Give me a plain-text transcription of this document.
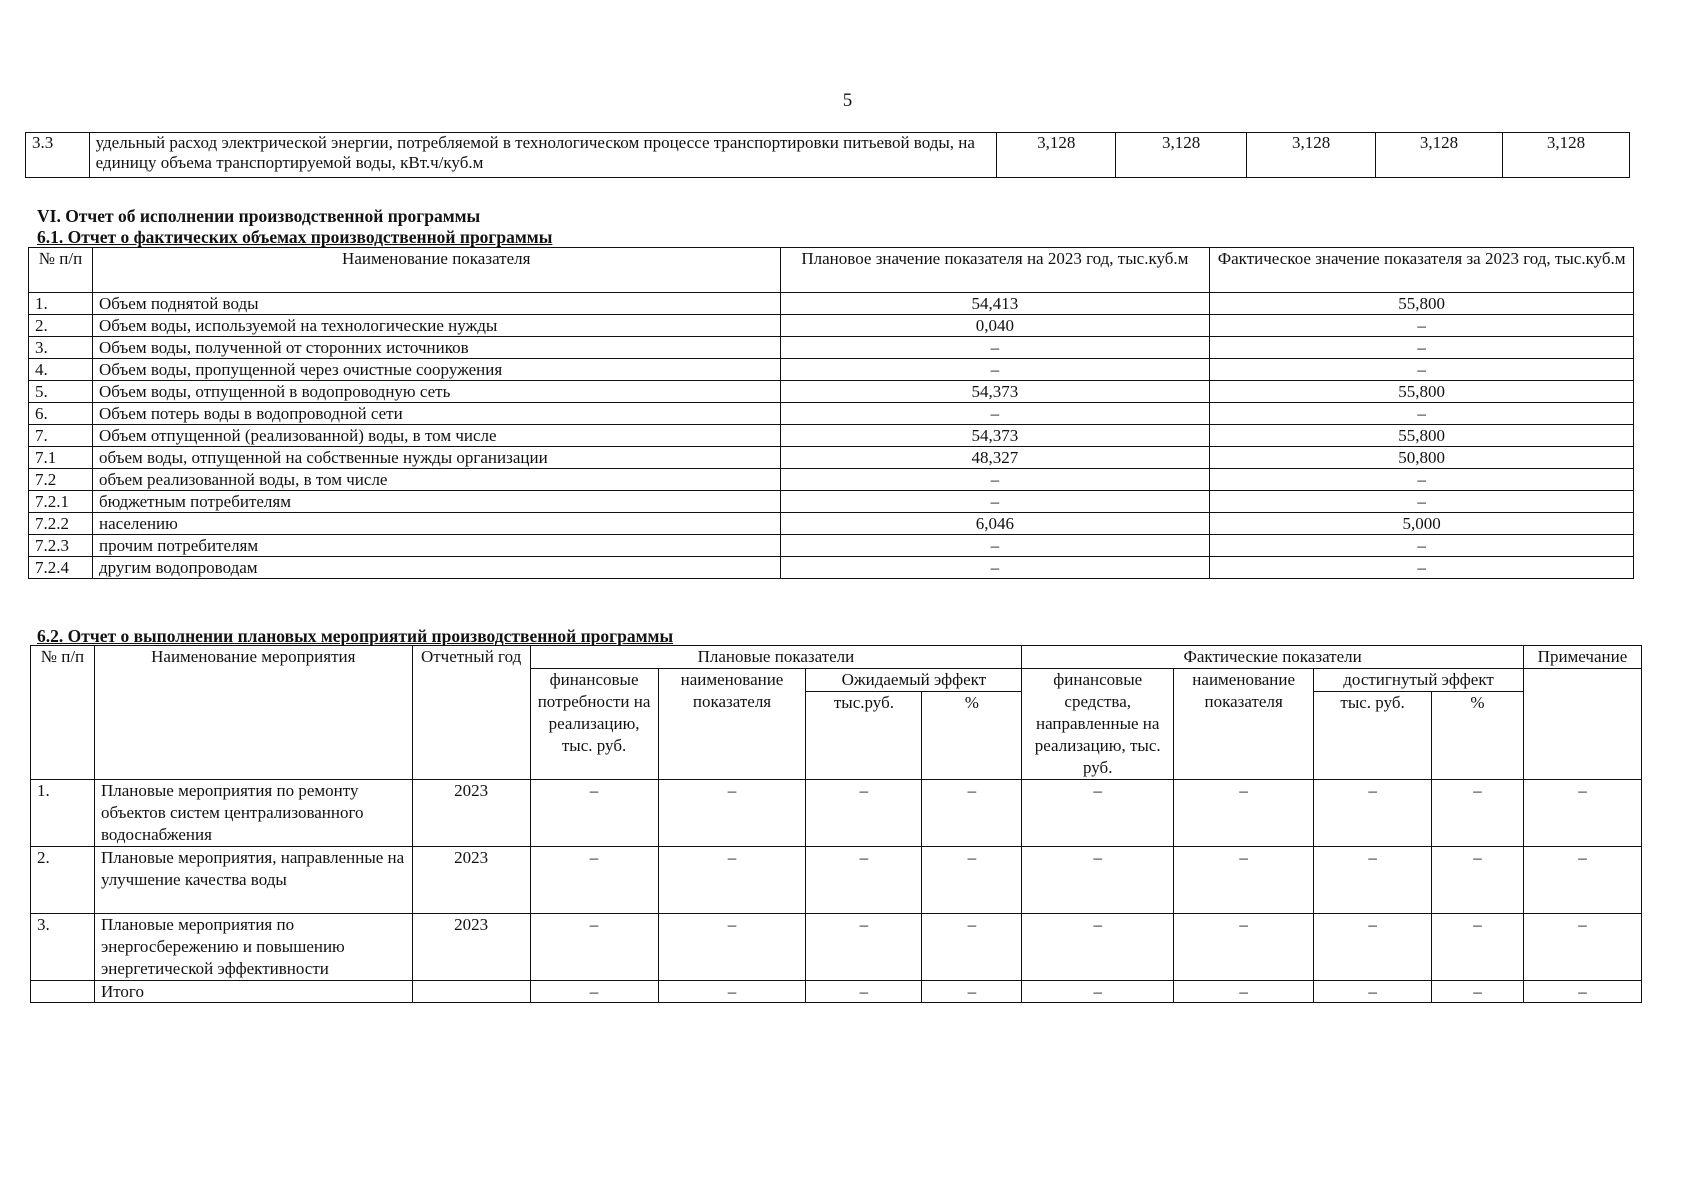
5
3.3	удельный расход электрической энергии, потребляемой в технологическом процессе транспортировки питьевой воды, на единицу объема транспортируемой воды, кВт.ч/куб.м	3,128	3,128	3,128	3,128	3,128
VI. Отчет об исполнении производственной программы
6.1. Отчет о фактических объемах производственной программы
№ п/п	Наименование показателя	Плановое значение показателя на 2023 год, тыс.куб.м	Фактическое значение показателя за 2023 год, тыс.куб.м
1.	Объем поднятой воды	54,413	55,800
2.	Объем воды, используемой на технологические нужды	0,040	–
3.	Объем воды, полученной от сторонних источников	–	–
4.	Объем воды, пропущенной через очистные сооружения	–	–
5.	Объем воды, отпущенной в водопроводную сеть	54,373	55,800
6.	Объем потерь воды в водопроводной сети	–	–
7.	Объем отпущенной (реализованной) воды, в том числе	54,373	55,800
7.1	объем воды, отпущенной на собственные нужды организации	48,327	50,800
7.2	объем реализованной воды, в том числе	–	–
7.2.1	бюджетным потребителям	–	–
7.2.2	населению	6,046	5,000
7.2.3	прочим потребителям	–	–
7.2.4	другим водопроводам	–	–
6.2. Отчет о выполнении плановых мероприятий производственной программы
№ п/п	Наименование мероприятия	Отчетный год	Плановые показатели				Фактические показатели				Примечание
			финансовые потребности на реализацию, тыс. руб.	наименование показателя	Ожидаемый эффект		финансовые средства, направленные на реализацию, тыс. руб.	наименование показателя	достигнутый эффект		
					тыс.руб.	%			тыс. руб.	%	
1.	Плановые мероприятия по ремонту объектов систем централизованного водоснабжения	2023	–	–	–	–	–	–	–	–	–
2.	Плановые мероприятия, направленные на улучшение качества воды	2023	–	–	–	–	–	–	–	–	–
3.	Плановые мероприятия по энергосбережению и повышению энергетической эффективности	2023	–	–	–	–	–	–	–	–	–
	Итого		–	–	–	–	–	–	–	–	–
